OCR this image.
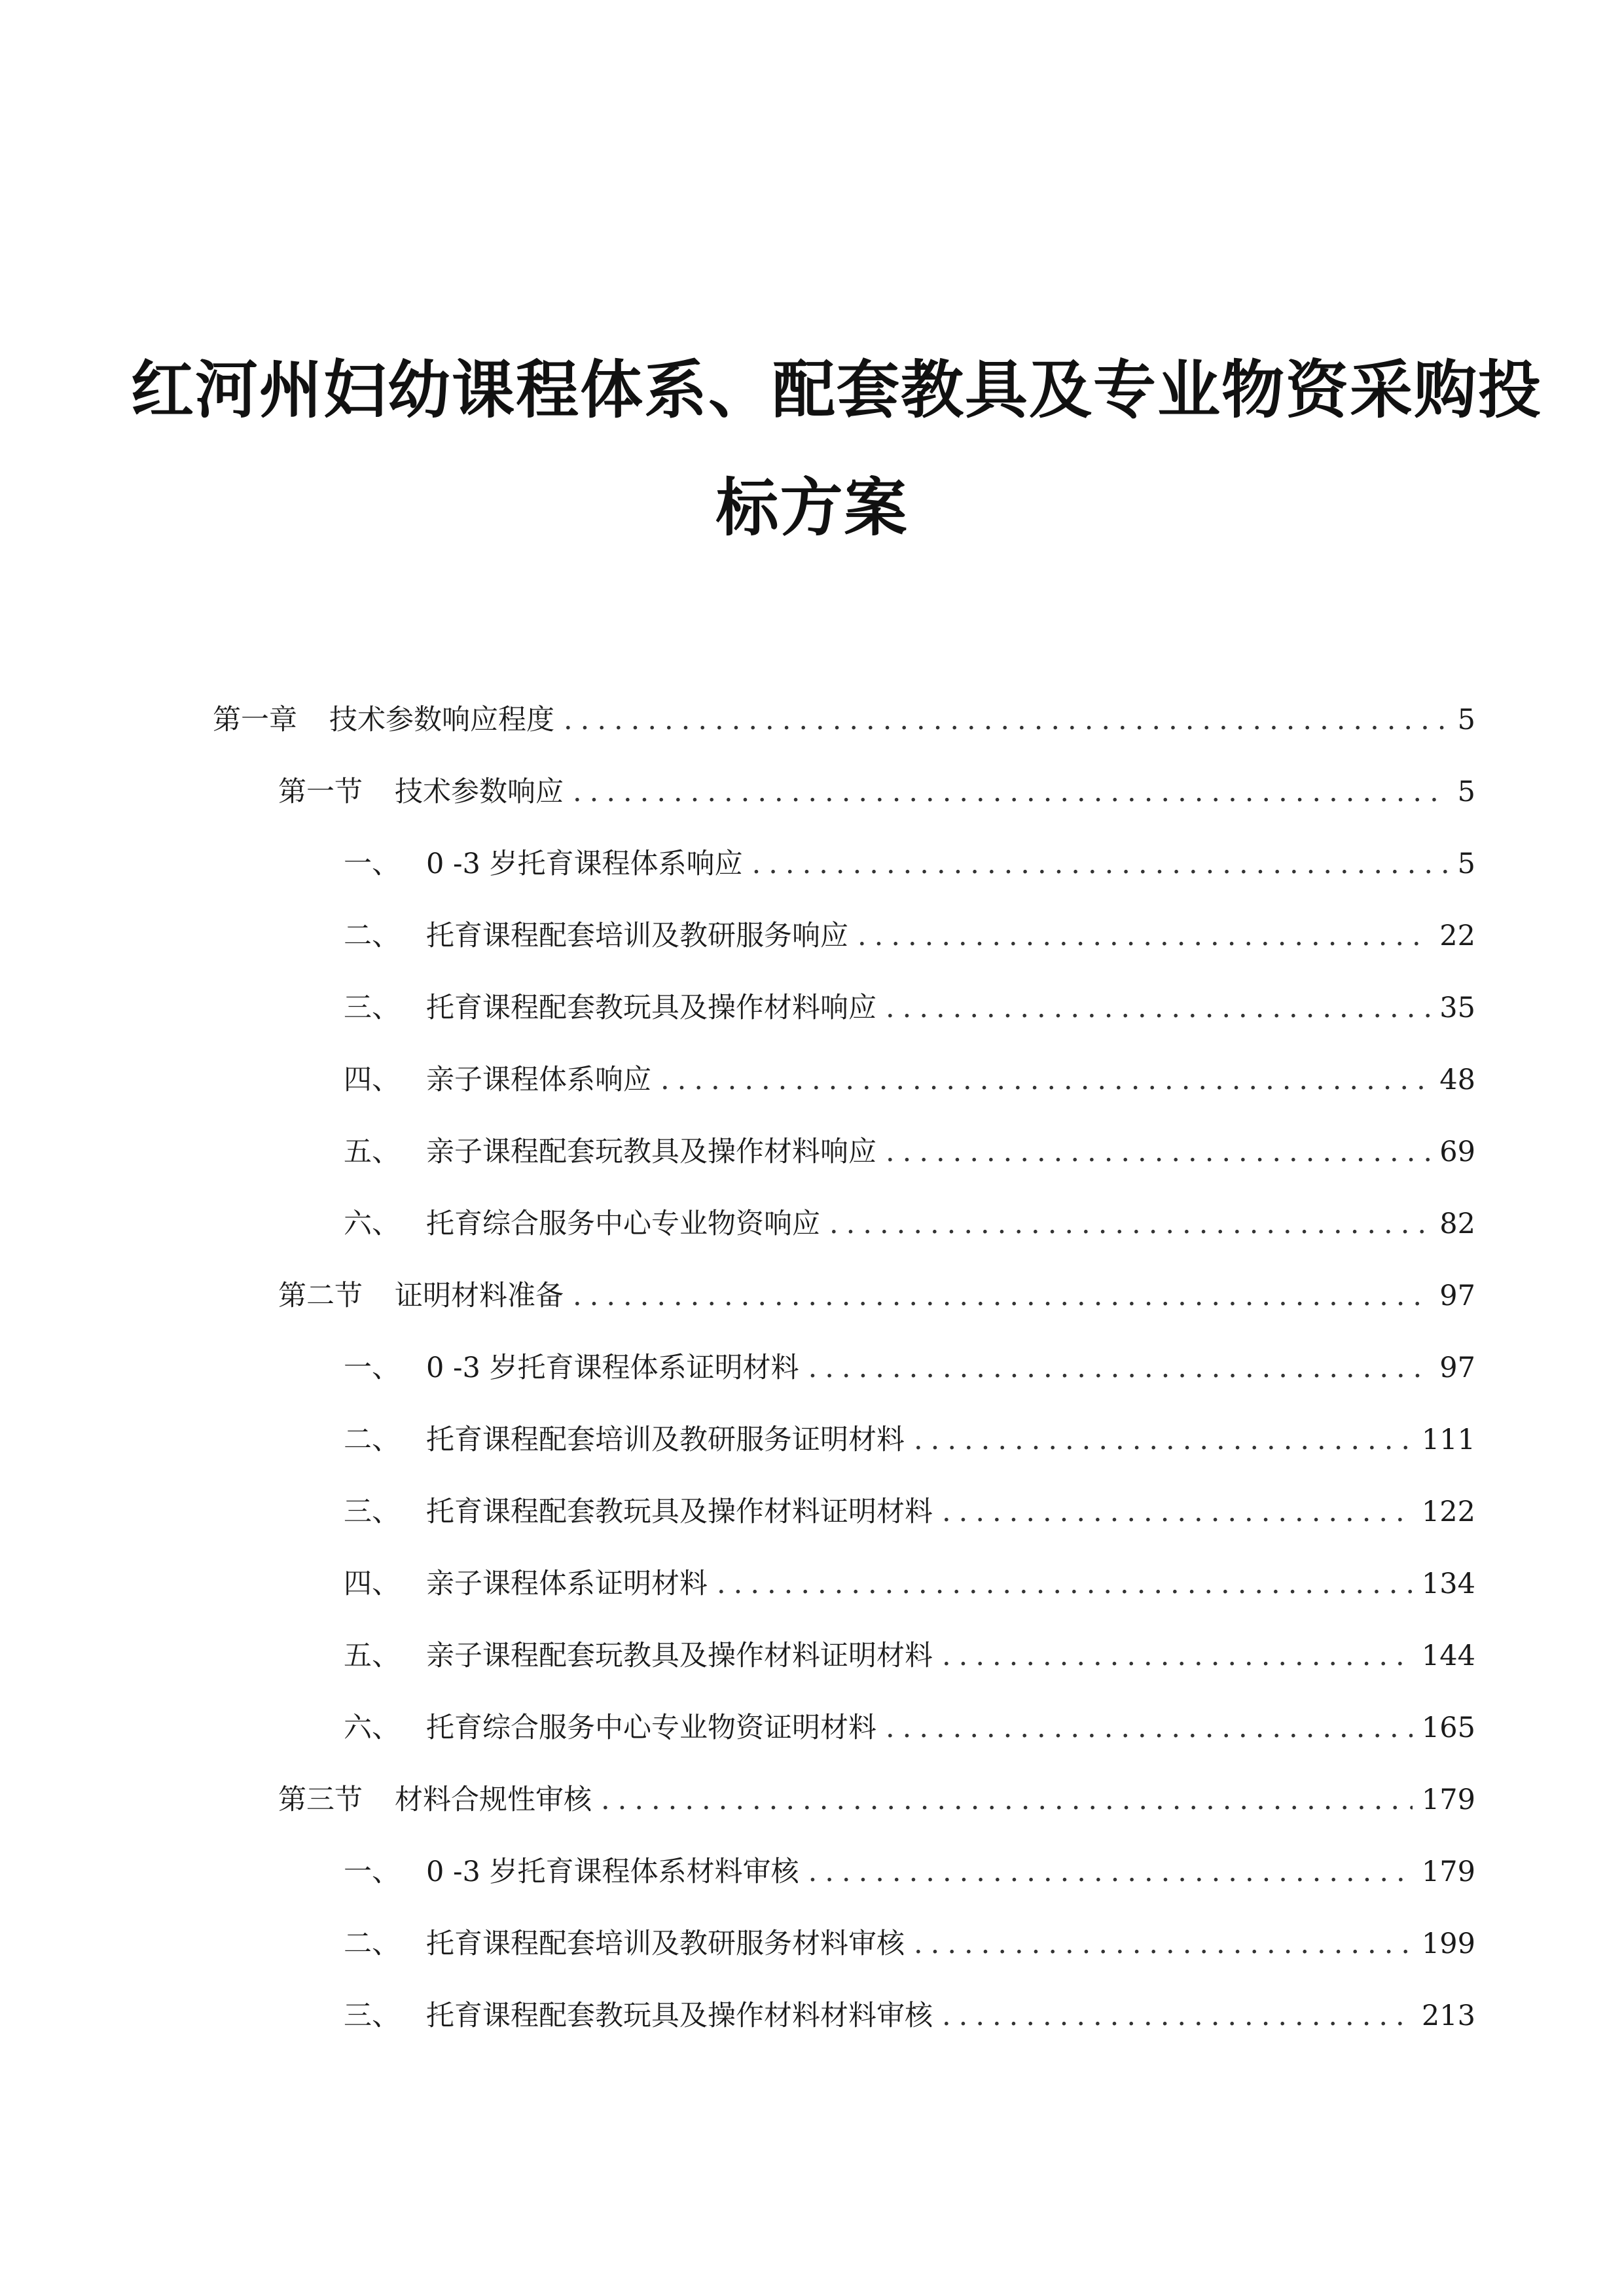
红河州妇幼课程体系、配套教具及专业物资采购投
标方案
第一章	技术参数响应程度 .....	5
第一节	技术参数响应 .....	5
一、 0 -3 岁托育课程体系响应 .....	5
二、 托育课程配套培训及教研服务响应 .....	22
三、 托育课程配套教玩具及操作材料响应 .....	35
四、 亲子课程体系响应 .....	48
五、 亲子课程配套玩教具及操作材料响应 .....	69
六、 托育综合服务中心专业物资响应 .....	82
第二节	证明材料准备 .....	97
一、 0 -3 岁托育课程体系证明材料 .....	97
二、 托育课程配套培训及教研服务证明材料 .....	111
三、 托育课程配套教玩具及操作材料证明材料 .....	122
四、 亲子课程体系证明材料 .....	134
五、 亲子课程配套玩教具及操作材料证明材料 .....	144
六、 托育综合服务中心专业物资证明材料 .....	165
第三节	材料合规性审核 .....	179
一、 0 -3 岁托育课程体系材料审核 .....	179
二、 托育课程配套培训及教研服务材料审核 .....	199
三、 托育课程配套教玩具及操作材料材料审核 .....	213
